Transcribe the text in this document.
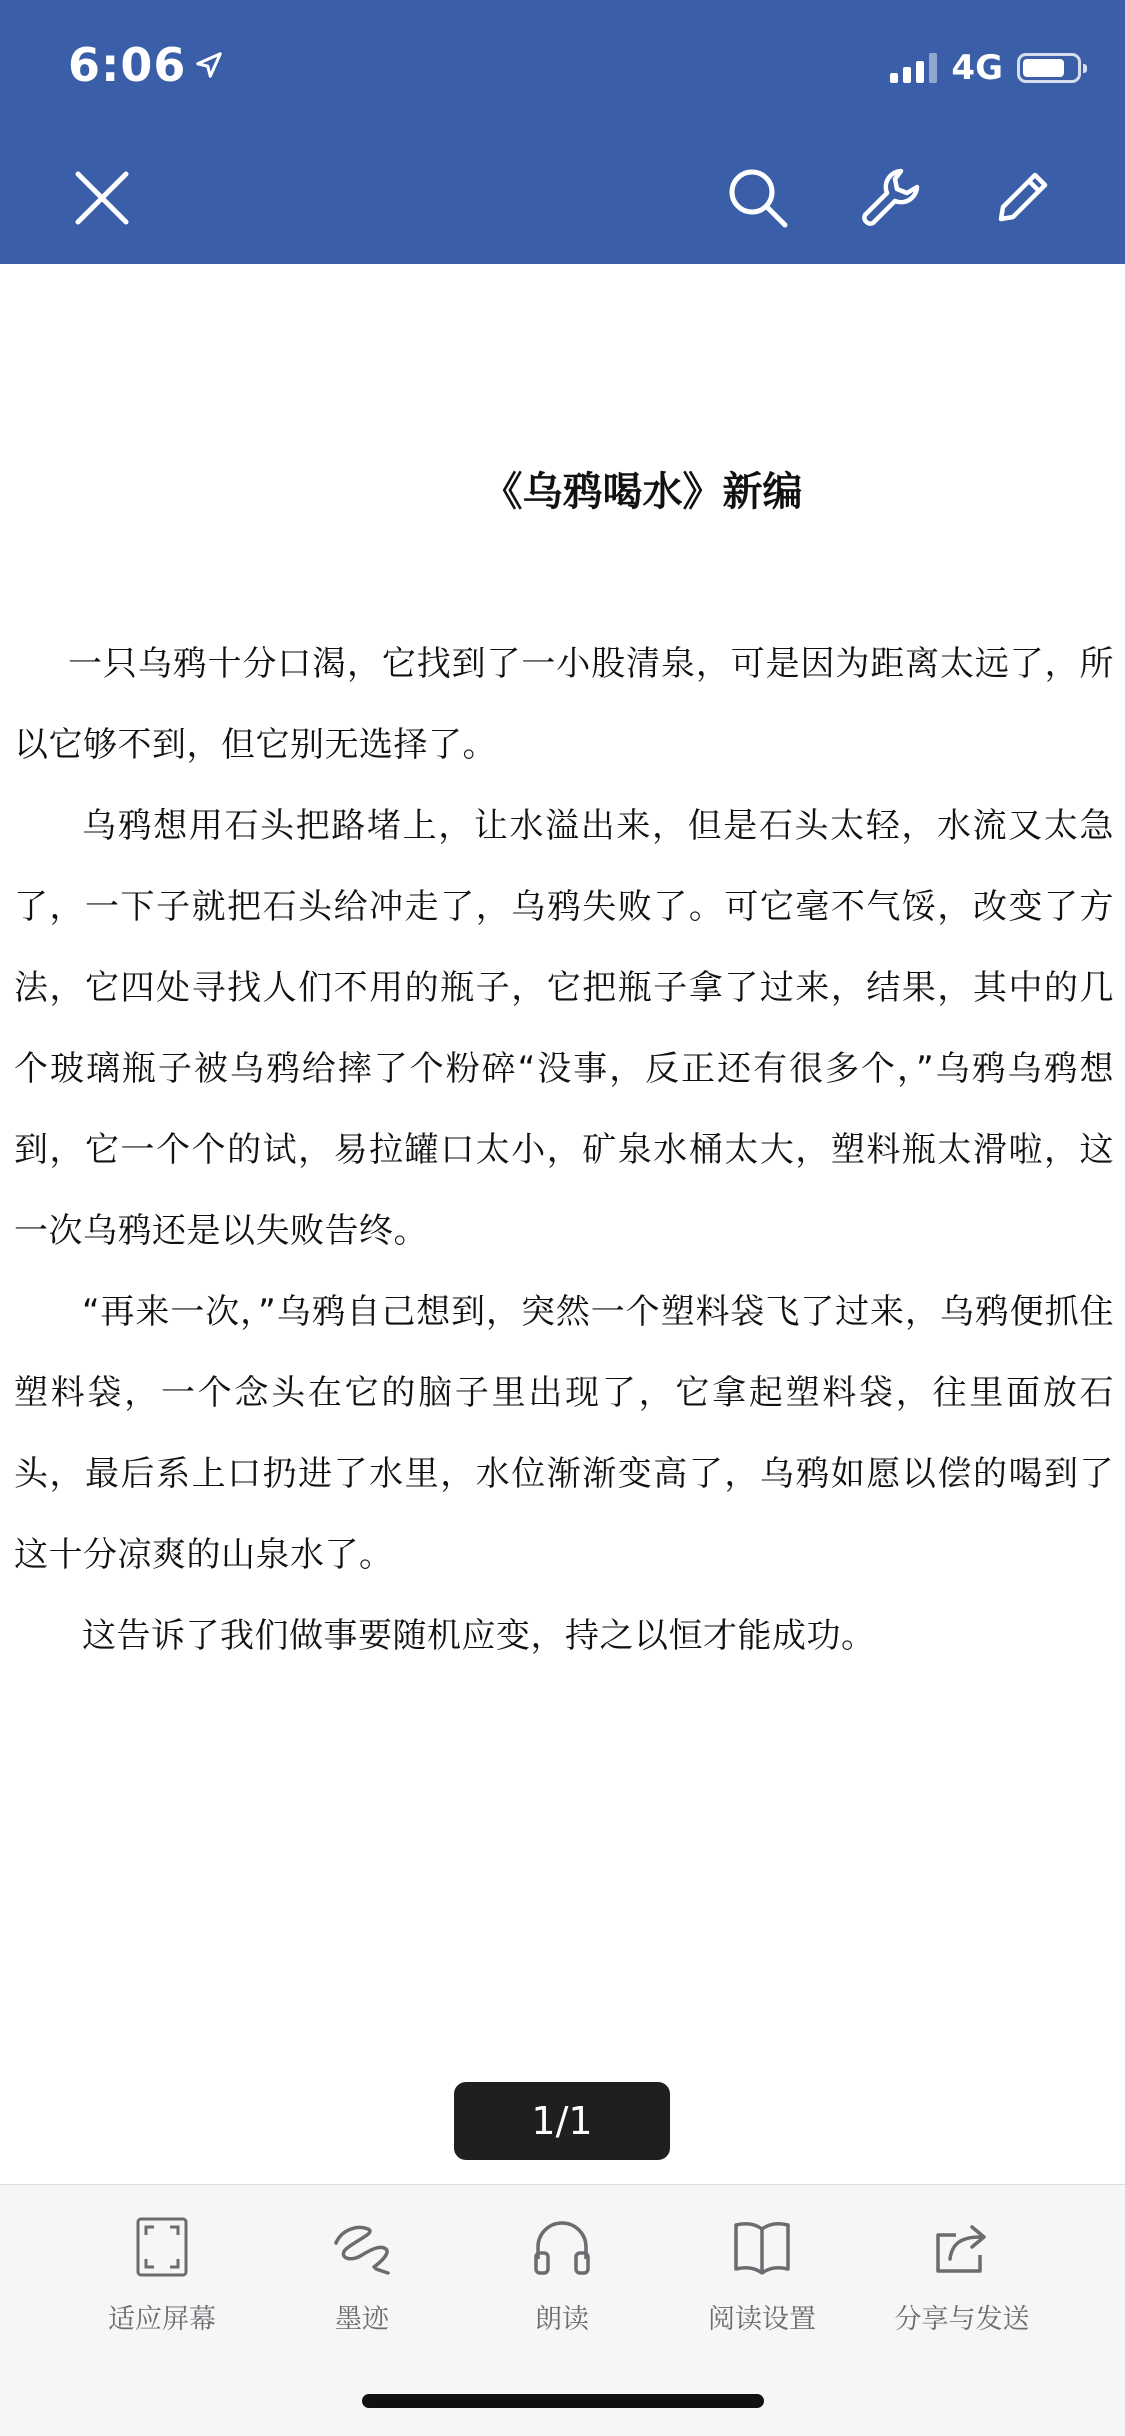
6:06	4G
《乌鸦喝水》新编

一只乌鸦十分口渴，它找到了一小股清泉，可是因为距离太远了，所以它够不到，但它别无选择了。

乌鸦想用石头把路堵上，让水溢出来，但是石头太轻，水流又太急了，一下子就把石头给冲走了，乌鸦失败了。可它毫不气馁，改变了方法，它四处寻找人们不用的瓶子，它把瓶子拿了过来，结果，其中的几个玻璃瓶子被乌鸦给摔了个粉碎“没事，反正还有很多个，”乌鸦乌鸦想到，它一个个的试，易拉罐口太小，矿泉水桶太大，塑料瓶太滑啦，这一次乌鸦还是以失败告终。

“再来一次，”乌鸦自己想到，突然一个塑料袋飞了过来，乌鸦便抓住塑料袋，一个念头在它的脑子里出现了，它拿起塑料袋，往里面放石头，最后系上口扔进了水里，水位渐渐变高了，乌鸦如愿以偿的喝到了这十分凉爽的山泉水了。

这告诉了我们做事要随机应变，持之以恒才能成功。

1/1
适应屏幕	墨迹	朗读	阅读设置	分享与发送
